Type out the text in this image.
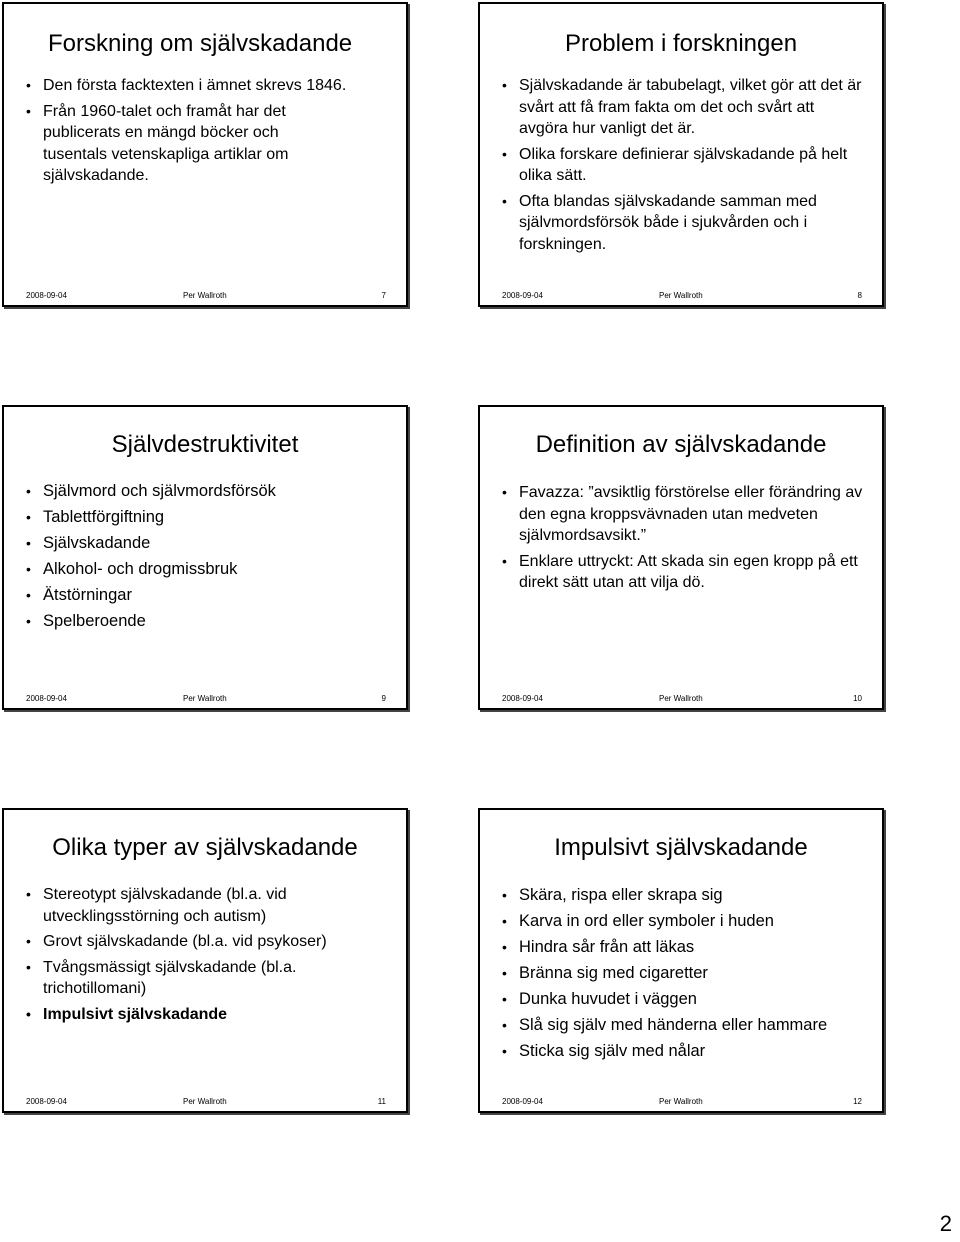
Forskning om självskadande
• Den första facktexten i ämnet skrevs 1846.
• Från 1960-talet och framåt har det publicerats en mängd böcker och tusentals vetenskapliga artiklar om självskadande.
2008-09-04	Per Wallroth	7
Problem i forskningen
• Självskadande är tabubelagt, vilket gör att det är svårt att få fram fakta om det och svårt att avgöra hur vanligt det är.
• Olika forskare definierar självskadande på helt olika sätt.
• Ofta blandas självskadande samman med självmordsförsök både i sjukvården och i forskningen.
2008-09-04	Per Wallroth	8
Självdestruktivitet
• Självmord och självmordsförsök
• Tablettförgiftning
• Självskadande
• Alkohol- och drogmissbruk
• Ätstörningar
• Spelberoende
2008-09-04	Per Wallroth	9
Definition av självskadande
• Favazza: ”avsiktlig förstörelse eller förändring av den egna kroppsvävnaden utan medveten självmordsavsikt.”
• Enklare uttryckt: Att skada sin egen kropp på ett direkt sätt utan att vilja dö.
2008-09-04	Per Wallroth	10
Olika typer av självskadande
• Stereotypt självskadande (bl.a. vid utvecklingsstörning och autism)
• Grovt självskadande (bl.a. vid psykoser)
• Tvångsmässigt självskadande (bl.a. trichotillomani)
• Impulsivt självskadande
2008-09-04	Per Wallroth	11
Impulsivt självskadande
• Skära, rispa eller skrapa sig
• Karva in ord eller symboler i huden
• Hindra sår från att läkas
• Bränna sig med cigaretter
• Dunka huvudet i väggen
• Slå sig själv med händerna eller hammare
• Sticka sig själv med nålar
2008-09-04	Per Wallroth	12
2
